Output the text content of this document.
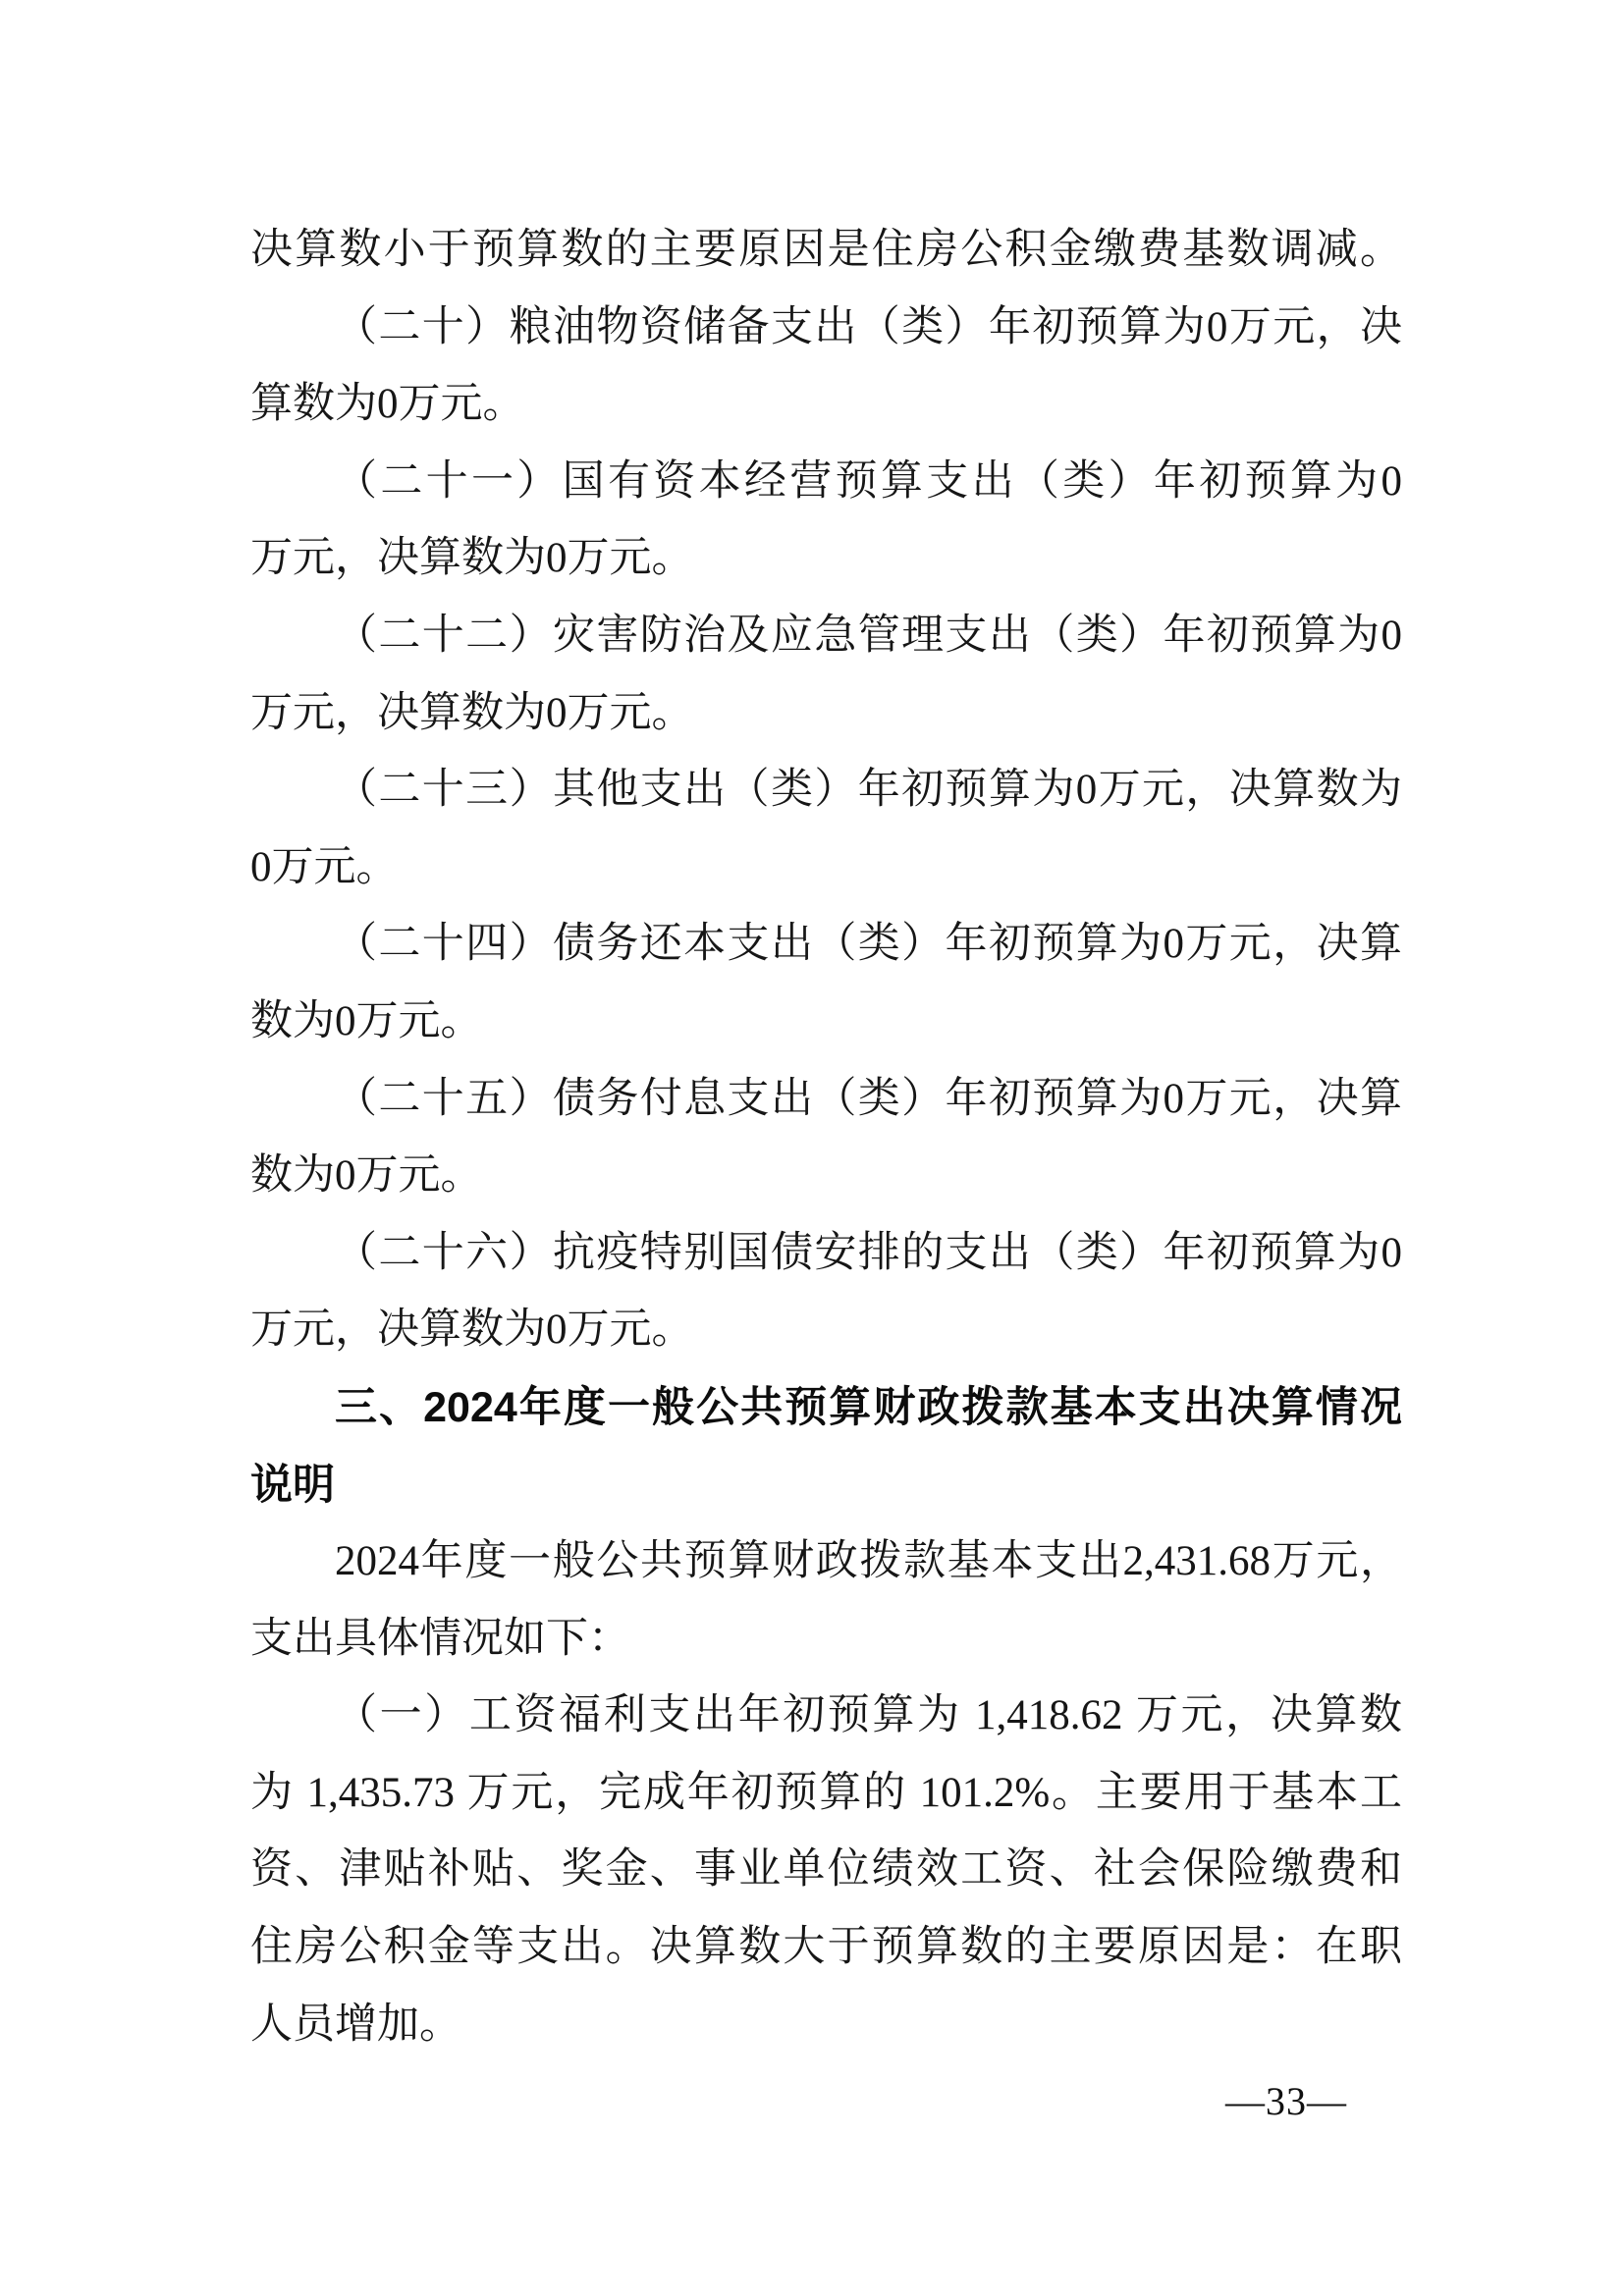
决算数小于预算数的主要原因是住房公积金缴费基数调减。
（二十）粮油物资储备支出（类）年初预算为0万元，决
算数为0万元。
（二十一）国有资本经营预算支出（类）年初预算为0
万元，决算数为0万元。
（二十二）灾害防治及应急管理支出（类）年初预算为0
万元，决算数为0万元。
（二十三）其他支出（类）年初预算为0万元，决算数为
0万元。
（二十四）债务还本支出（类）年初预算为0万元，决算
数为0万元。
（二十五）债务付息支出（类）年初预算为0万元，决算
数为0万元。
（二十六）抗疫特别国债安排的支出（类）年初预算为0
万元，决算数为0万元。
三、2024年度一般公共预算财政拨款基本支出决算情况
说明
2024年度一般公共预算财政拨款基本支出2,431.68万元，
支出具体情况如下：
（一）工资福利支出年初预算为 1,418.62 万元，决算数
为 1,435.73 万元，完成年初预算的 101.2%。主要用于基本工
资、津贴补贴、奖金、事业单位绩效工资、社会保险缴费和
住房公积金等支出。决算数大于预算数的主要原因是：在职
人员增加。
—33—
